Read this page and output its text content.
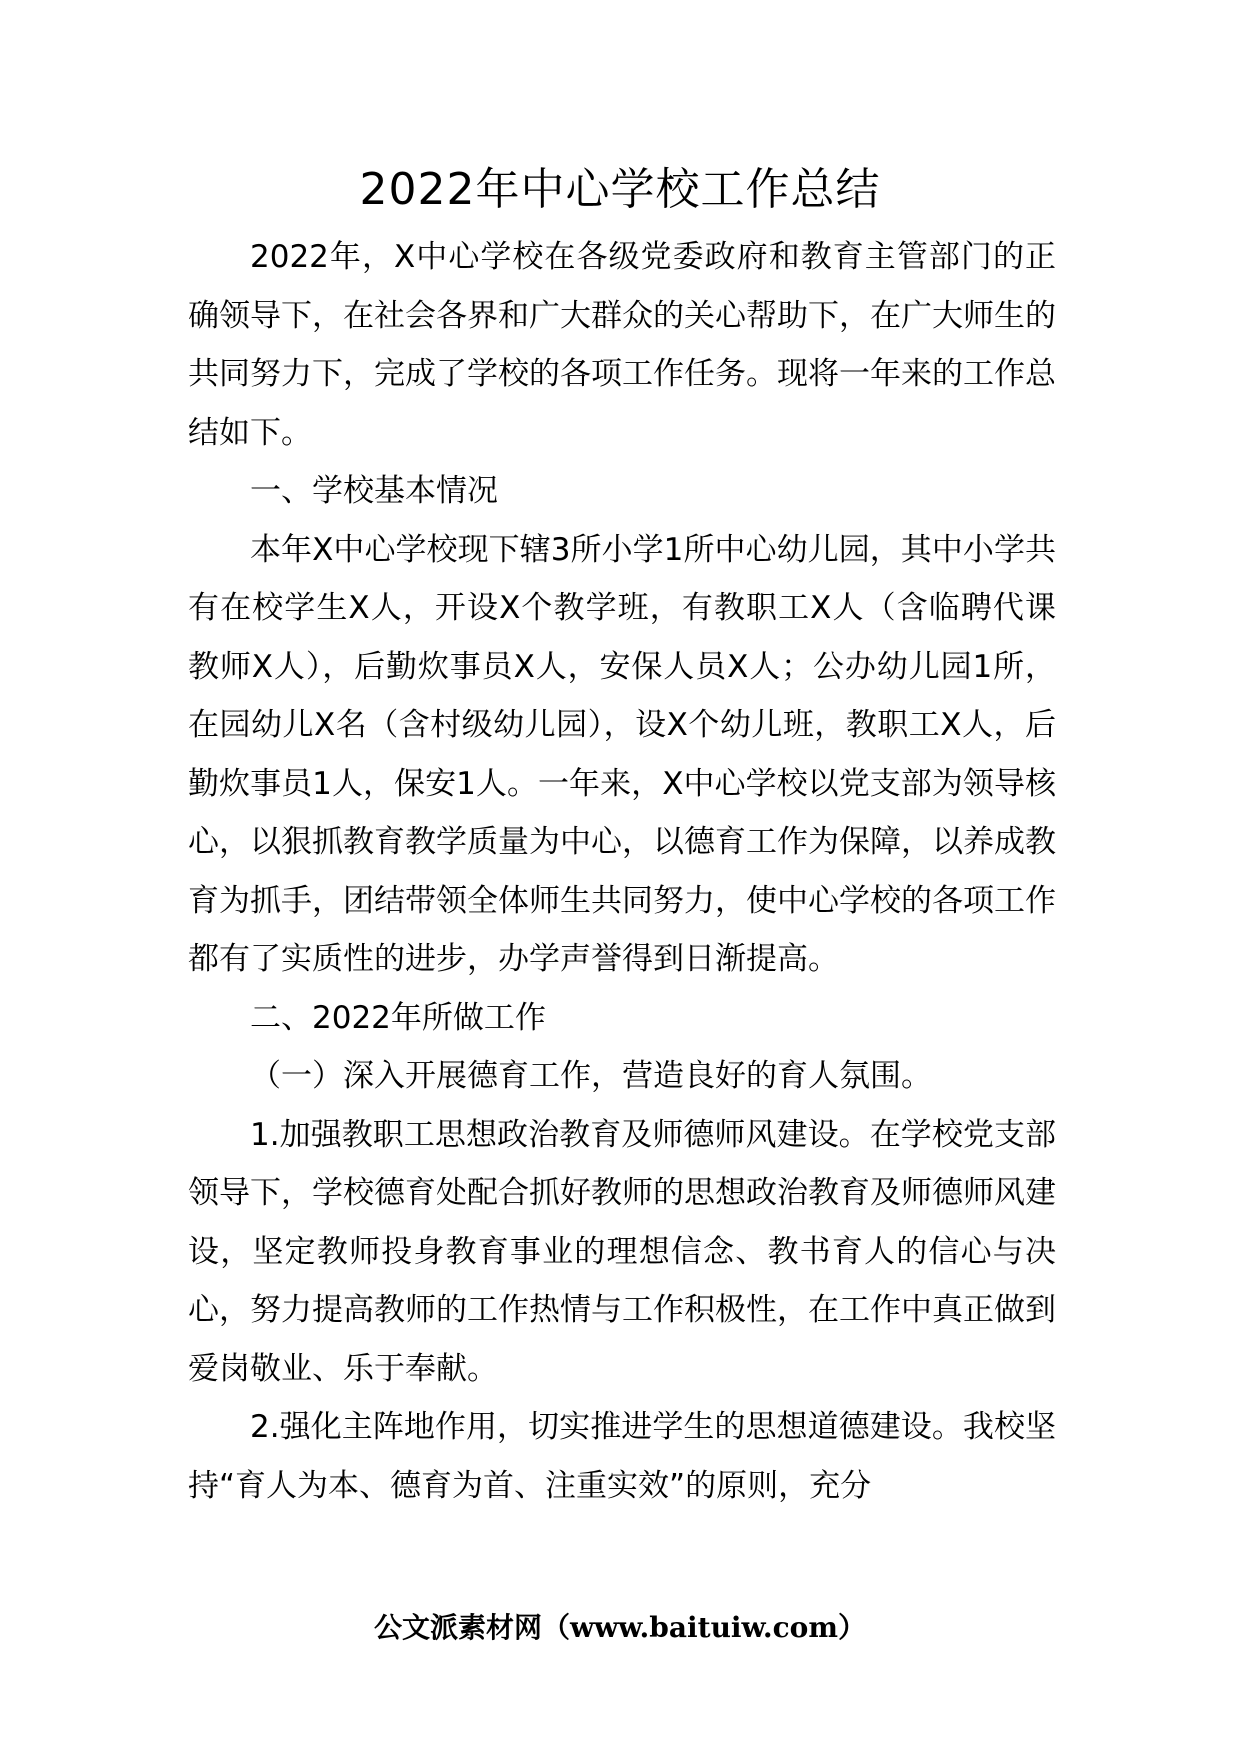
2022年中心学校工作总结

2022年，X中心学校在各级党委政府和教育主管部门的正确领导下，在社会各界和广大群众的关心帮助下，在广大师生的共同努力下，完成了学校的各项工作任务。现将一年来的工作总结如下。

一、学校基本情况

本年X中心学校现下辖3所小学1所中心幼儿园，其中小学共有在校学生X人，开设X个教学班，有教职工X人（含临聘代课教师X人），后勤炊事员X人，安保人员X人；公办幼儿园1所，在园幼儿X名（含村级幼儿园），设X个幼儿班，教职工X人，后勤炊事员1人，保安1人。一年来，X中心学校以党支部为领导核心，以狠抓教育教学质量为中心，以德育工作为保障，以养成教育为抓手，团结带领全体师生共同努力，使中心学校的各项工作都有了实质性的进步，办学声誉得到日渐提高。

二、2022年所做工作

（一）深入开展德育工作，营造良好的育人氛围。

1.加强教职工思想政治教育及师德师风建设。在学校党支部领导下，学校德育处配合抓好教师的思想政治教育及师德师风建设，坚定教师投身教育事业的理想信念、教书育人的信心与决心，努力提高教师的工作热情与工作积极性，在工作中真正做到爱岗敬业、乐于奉献。

2.强化主阵地作用，切实推进学生的思想道德建设。我校坚持“育人为本、德育为首、注重实效”的原则，充分

公文派素材网（www.baituiw.com）
